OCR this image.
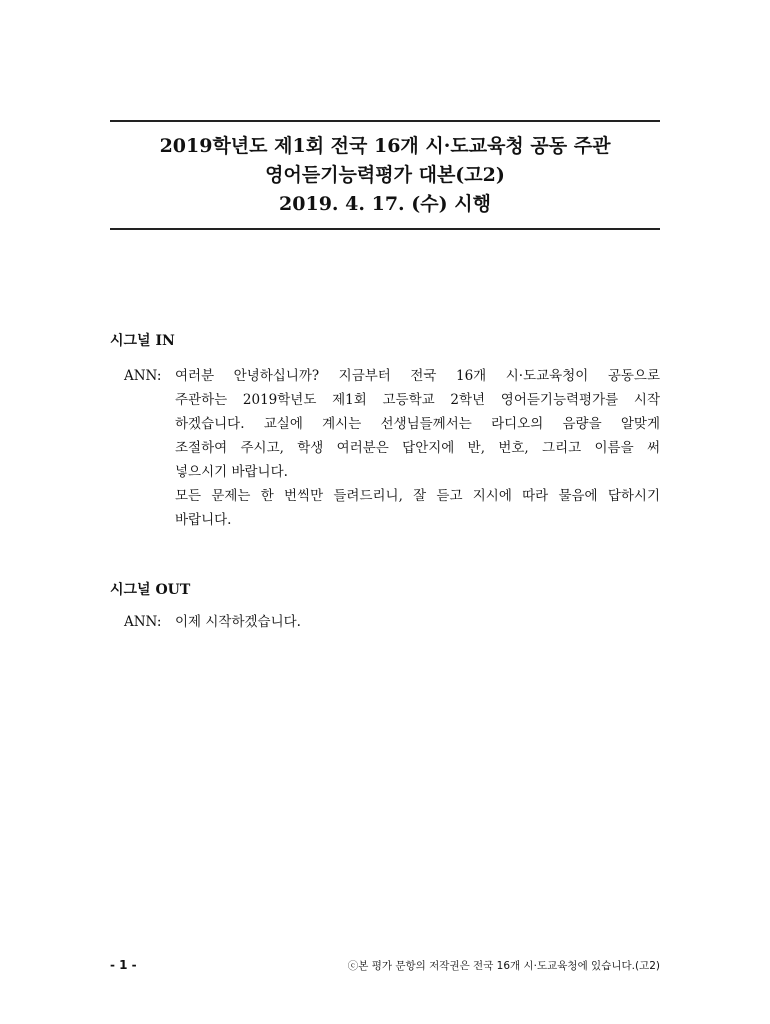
2019학년도 제1회 전국 16개 시·도교육청 공동 주관
영어듣기능력평가 대본(고2)
2019. 4. 17. (수) 시행
시그널 IN
ANN: 여러분 안녕하십니까? 지금부터 전국 16개 시·도교육청이 공동으로
주관하는 2019학년도 제1회 고등학교 2학년 영어듣기능력평가를 시작
하겠습니다. 교실에 계시는 선생님들께서는 라디오의 음량을 알맞게
조절하여 주시고, 학생 여러분은 답안지에 반, 번호, 그리고 이름을 써
넣으시기 바랍니다.
모든 문제는 한 번씩만 들려드리니, 잘 듣고 지시에 따라 물음에 답하시기
바랍니다.
시그널 OUT
ANN: 이제 시작하겠습니다.
- 1 -	ⓒ본 평가 문항의 저작권은 전국 16개 시·도교육청에 있습니다.(고2)
